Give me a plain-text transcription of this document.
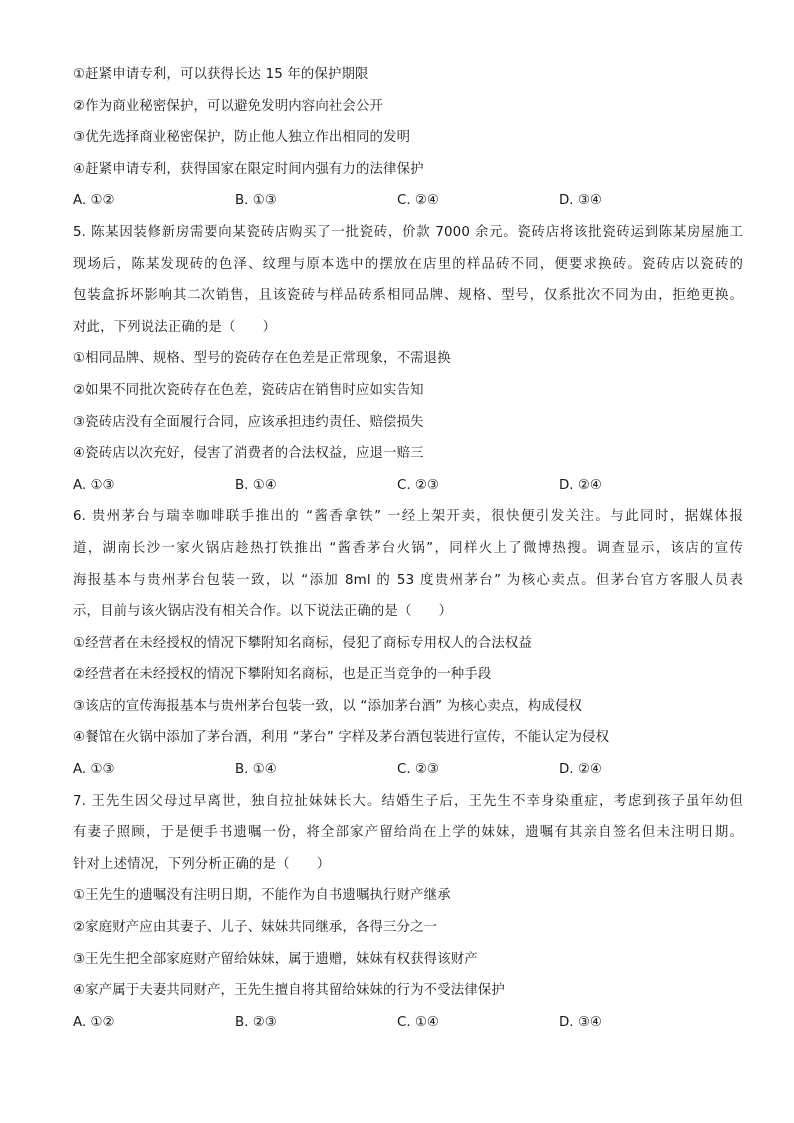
①赶紧申请专利，可以获得长达 15 年的保护期限
②作为商业秘密保护，可以避免发明内容向社会公开
③优先选择商业秘密保护，防止他人独立作出相同的发明
④赶紧申请专利，获得国家在限定时间内强有力的法律保护
A. ①②	B. ①③	C. ②④	D. ③④
5. 陈某因装修新房需要向某瓷砖店购买了一批瓷砖，价款 7000 余元。瓷砖店将该批瓷砖运到陈某房屋施工
现场后，陈某发现砖的色泽、纹理与原本选中的摆放在店里的样品砖不同，便要求换砖。瓷砖店以瓷砖的
包装盒拆坏影响其二次销售，且该瓷砖与样品砖系相同品牌、规格、型号，仅系批次不同为由，拒绝更换。
对此，下列说法正确的是（　　）
①相同品牌、规格、型号的瓷砖存在色差是正常现象，不需退换
②如果不同批次瓷砖存在色差，瓷砖店在销售时应如实告知
③瓷砖店没有全面履行合同，应该承担违约责任、赔偿损失
④瓷砖店以次充好，侵害了消费者的合法权益，应退一赔三
A. ①③	B. ①④	C. ②③	D. ②④
6. 贵州茅台与瑞幸咖啡联手推出的 “酱香拿铁” 一经上架开卖，很快便引发关注。与此同时，据媒体报
道，湖南长沙一家火锅店趁热打铁推出 “酱香茅台火锅”，同样火上了微博热搜。调查显示，该店的宣传
海报基本与贵州茅台包装一致，以 “添加 8ml 的 53 度贵州茅台” 为核心卖点。但茅台官方客服人员表
示，目前与该火锅店没有相关合作。以下说法正确的是（　　）
①经营者在未经授权的情况下攀附知名商标，侵犯了商标专用权人的合法权益
②经营者在未经授权的情况下攀附知名商标，也是正当竞争的一种手段
③该店的宣传海报基本与贵州茅台包装一致，以 “添加茅台酒” 为核心卖点，构成侵权
④餐馆在火锅中添加了茅台酒，利用 “茅台” 字样及茅台酒包装进行宣传，不能认定为侵权
A. ①③	B. ①④	C. ②③	D. ②④
7. 王先生因父母过早离世，独自拉扯妹妹长大。结婚生子后，王先生不幸身染重症，考虑到孩子虽年幼但
有妻子照顾，于是便手书遗嘱一份，将全部家产留给尚在上学的妹妹，遗嘱有其亲自签名但未注明日期。
针对上述情况，下列分析正确的是（　　）
①王先生的遗嘱没有注明日期，不能作为自书遗嘱执行财产继承
②家庭财产应由其妻子、儿子、妹妹共同继承，各得三分之一
③王先生把全部家庭财产留给妹妹，属于遗赠，妹妹有权获得该财产
④家产属于夫妻共同财产，王先生擅自将其留给妹妹的行为不受法律保护
A. ①②	B. ②③	C. ①④	D. ③④
